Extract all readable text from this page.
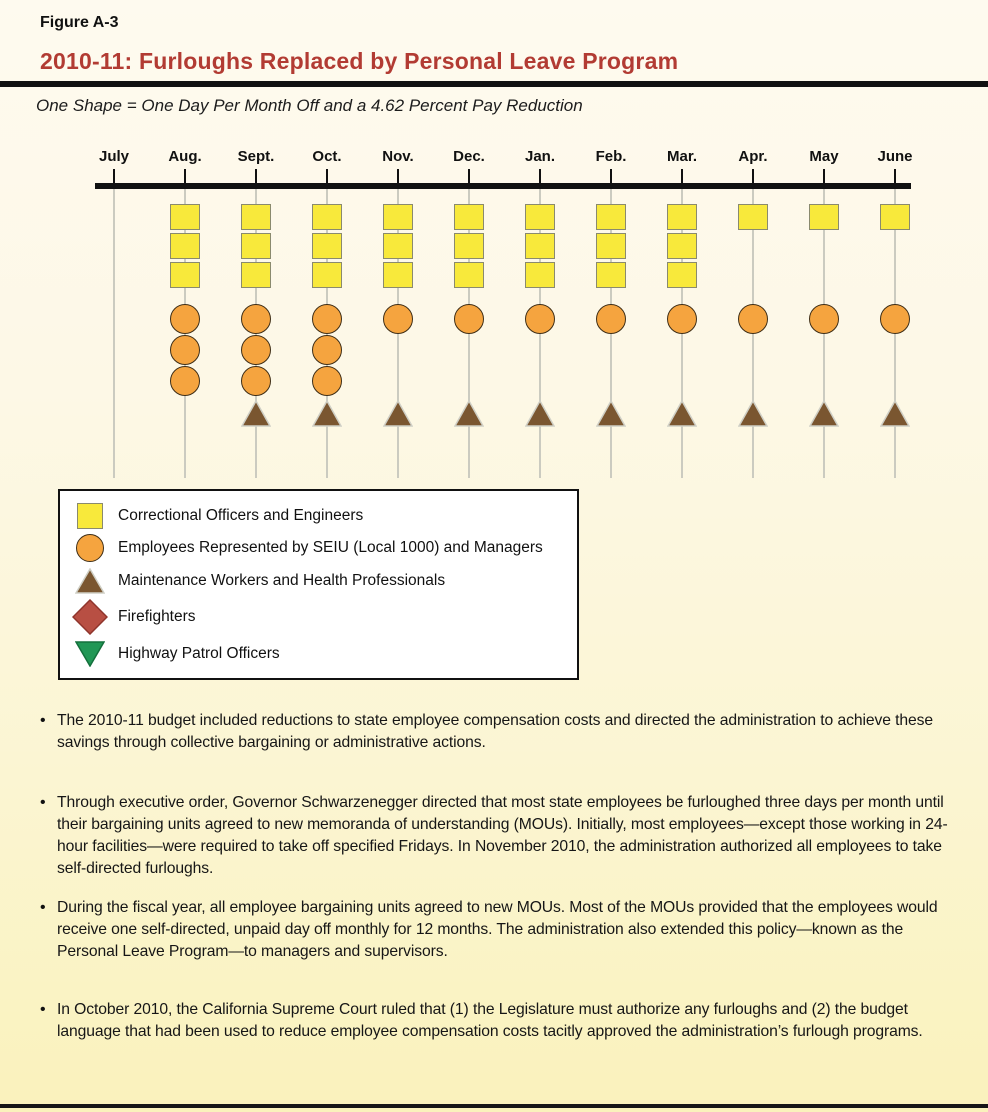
Figure A-3
2010-11: Furloughs Replaced by Personal Leave Program
One Shape = One Day Per Month Off and a 4.62 Percent Pay Reduction
July	Aug.	Sept.	Oct.	Nov.	Dec.	Jan.	Feb.	Mar.	Apr.	May	June
Correctional Officers and Engineers
Employees Represented by SEIU (Local 1000) and Managers
Maintenance Workers and Health Professionals
Firefighters
Highway Patrol Officers
• The 2010-11 budget included reductions to state employee compensation costs and directed the administration to achieve these savings through collective bargaining or administrative actions.
• Through executive order, Governor Schwarzenegger directed that most state employees be furloughed three days per month until their bargaining units agreed to new memoranda of understanding (MOUs). Initially, most employees—except those working in 24-hour facilities—were required to take off specified Fridays. In November 2010, the administration authorized all employees to take self-directed furloughs.
• During the fiscal year, all employee bargaining units agreed to new MOUs. Most of the MOUs provided that the employees would receive one self-directed, unpaid day off monthly for 12 months. The administration also extended this policy—known as the Personal Leave Program—to managers and supervisors.
• In October 2010, the California Supreme Court ruled that (1) the Legislature must authorize any furloughs and (2) the budget language that had been used to reduce employee compensation costs tacitly approved the administration’s furlough programs.
